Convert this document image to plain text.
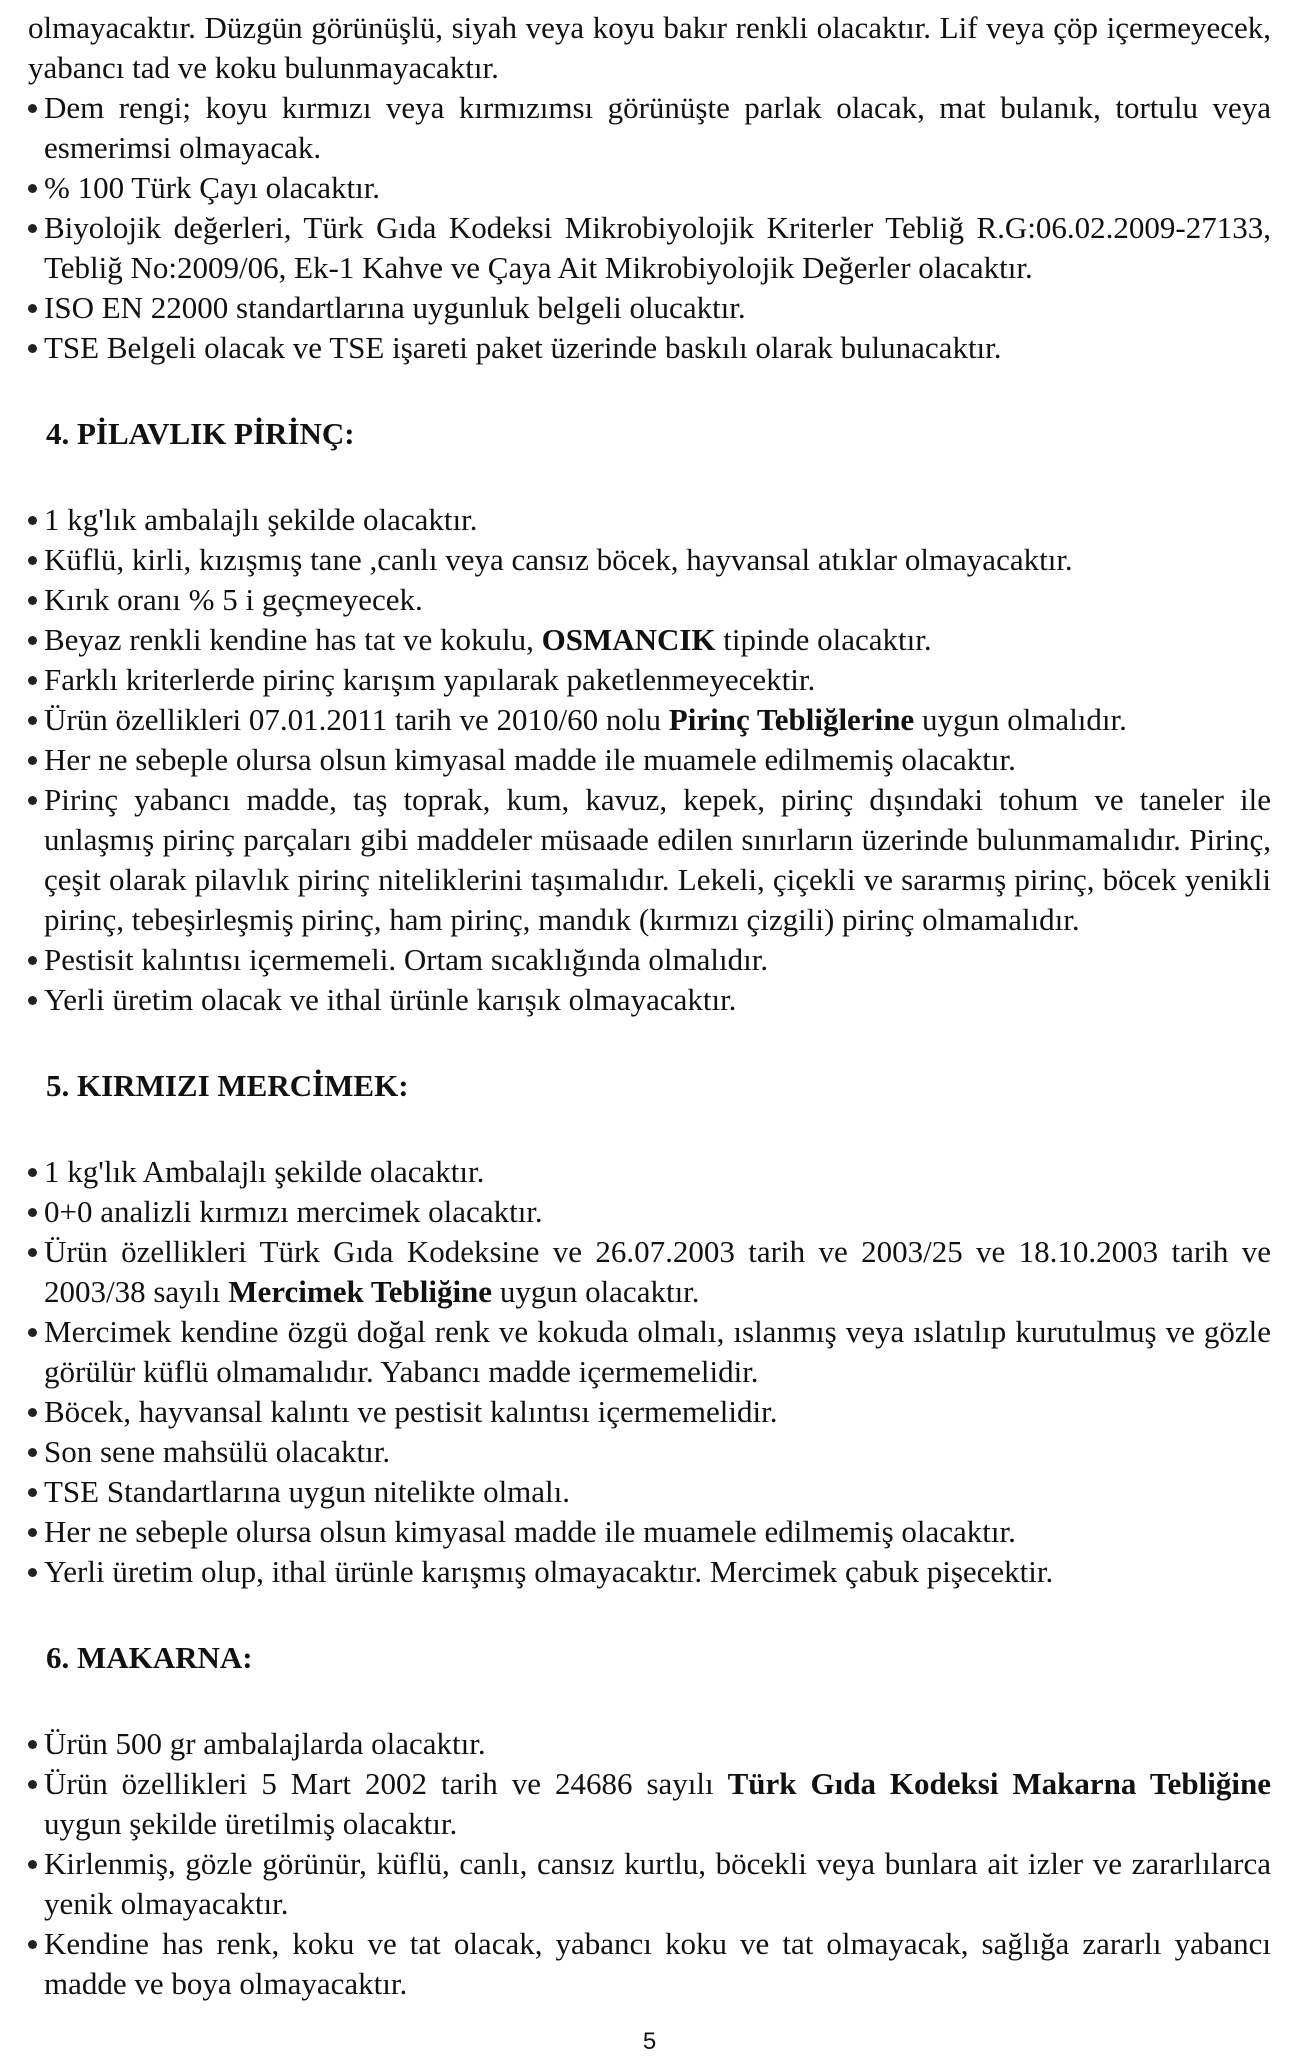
olmayacaktır. Düzgün görünüşlü, siyah veya koyu bakır renkli olacaktır. Lif veya çöp içermeyecek, yabancı tad ve koku bulunmayacaktır.

Dem rengi; koyu kırmızı veya kırmızımsı görünüşte parlak olacak, mat bulanık, tortulu veya esmerimsi olmayacak.
% 100 Türk Çayı olacaktır.
Biyolojik değerleri, Türk Gıda Kodeksi Mikrobiyolojik Kriterler Tebliğ R.G:06.02.2009-27133, Tebliğ No:2009/06, Ek-1 Kahve ve Çaya Ait Mikrobiyolojik Değerler olacaktır.
ISO EN 22000 standartlarına uygunluk belgeli olucaktır.
TSE Belgeli olacak ve TSE işareti paket üzerinde baskılı olarak bulunacaktır.
4. PİLAVLIK PİRİNÇ:
1 kg'lık ambalajlı şekilde olacaktır.
Küflü, kirli, kızışmış tane ,canlı veya cansız böcek, hayvansal atıklar olmayacaktır.
Kırık oranı % 5 i geçmeyecek.
Beyaz renkli kendine has tat ve kokulu, OSMANCIK tipinde olacaktır.
Farklı kriterlerde pirinç karışım yapılarak paketlenmeyecektir.
Ürün özellikleri 07.01.2011 tarih ve 2010/60 nolu Pirinç Tebliğlerine uygun olmalıdır.
Her ne sebeple olursa olsun kimyasal madde ile muamele edilmemiş olacaktır.
Pirinç yabancı madde, taş toprak, kum, kavuz, kepek, pirinç dışındaki tohum ve taneler ile unlaşmış pirinç parçaları gibi maddeler müsaade edilen sınırların üzerinde bulunmamalıdır. Pirinç, çeşit olarak pilavlık pirinç niteliklerini taşımalıdır. Lekeli, çiçekli ve sararmış pirinç, böcek yenikli pirinç, tebeşirleşmiş pirinç, ham pirinç, mandık (kırmızı çizgili) pirinç olmamalıdır.
Pestisit kalıntısı içermemeli. Ortam sıcaklığında olmalıdır.
Yerli üretim olacak ve ithal ürünle karışık olmayacaktır.
5. KIRMIZI MERCİMEK:
1 kg'lık Ambalajlı şekilde olacaktır.
0+0 analizli kırmızı mercimek olacaktır.
Ürün özellikleri Türk Gıda Kodeksine ve 26.07.2003 tarih ve 2003/25 ve 18.10.2003 tarih ve 2003/38 sayılı Mercimek Tebliğine uygun olacaktır.
Mercimek kendine özgü doğal renk ve kokuda olmalı, ıslanmış veya ıslatılıp kurutulmuş ve gözle görülür küflü olmamalıdır. Yabancı madde içermemelidir.
Böcek, hayvansal kalıntı ve pestisit kalıntısı içermemelidir.
Son sene mahsülü olacaktır.
TSE Standartlarına uygun nitelikte olmalı.
Her ne sebeple olursa olsun kimyasal madde ile muamele edilmemiş olacaktır.
Yerli üretim olup, ithal ürünle karışmış olmayacaktır. Mercimek çabuk pişecektir.
6. MAKARNA:
Ürün 500 gr ambalajlarda olacaktır.
Ürün özellikleri 5 Mart 2002 tarih ve 24686 sayılı Türk Gıda Kodeksi Makarna Tebliğine uygun şekilde üretilmiş olacaktır.
Kirlenmiş, gözle görünür, küflü, canlı, cansız kurtlu, böcekli veya bunlara ait izler ve zararlılarca yenik olmayacaktır.
Kendine has renk, koku ve tat olacak, yabancı koku ve tat olmayacak, sağlığa zararlı yabancı madde ve boya olmayacaktır.
5
